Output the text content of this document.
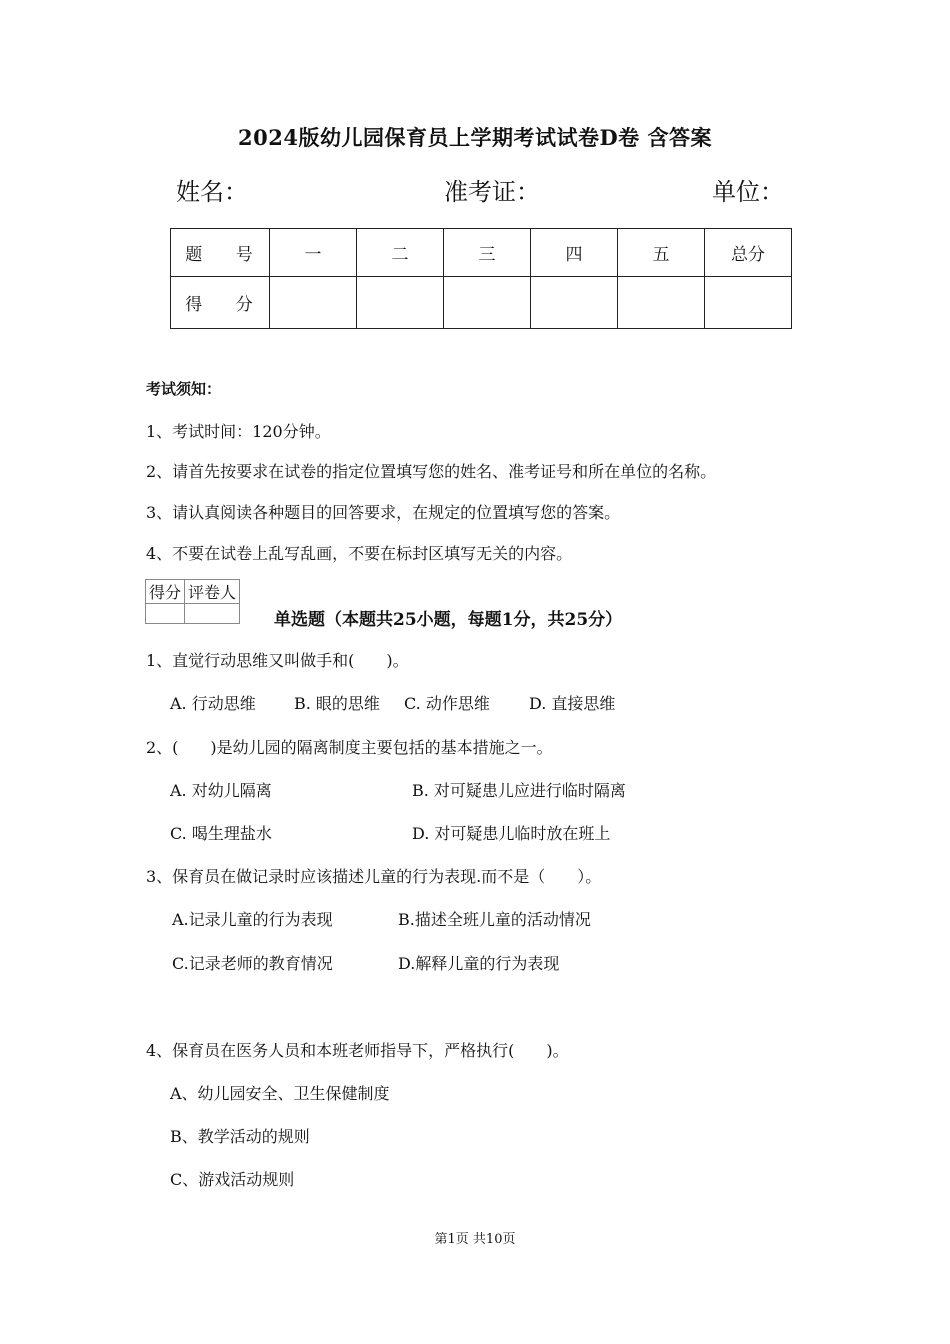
2024版幼儿园保育员上学期考试试卷D卷 含答案
姓名：	准考证：	单位：
题 号	一	二	三	四	五	总分
得 分						
考试须知：
1、考试时间：120分钟。
2、请首先按要求在试卷的指定位置填写您的姓名、准考证号和所在单位的名称。
3、请认真阅读各种题目的回答要求，在规定的位置填写您的答案。
4、不要在试卷上乱写乱画，不要在标封区填写无关的内容。
得分	评卷人

单选题（本题共25小题，每题1分，共25分）
1、直觉行动思维又叫做手和(　　)。
A. 行动思维 B. 眼的思维 C. 动作思维 D. 直接思维
2、(　　)是幼儿园的隔离制度主要包括的基本措施之一。
A. 对幼儿隔离	B. 对可疑患儿应进行临时隔离
C. 喝生理盐水	D. 对可疑患儿临时放在班上
3、保育员在做记录时应该描述儿童的行为表现.而不是（　　）。
A.记录儿童的行为表现	B.描述全班儿童的活动情况
C.记录老师的教育情况	D.解释儿童的行为表现
4、保育员在医务人员和本班老师指导下，严格执行(　　)。
A、幼儿园安全、卫生保健制度
B、教学活动的规则
C、游戏活动规则
第1页 共10页
